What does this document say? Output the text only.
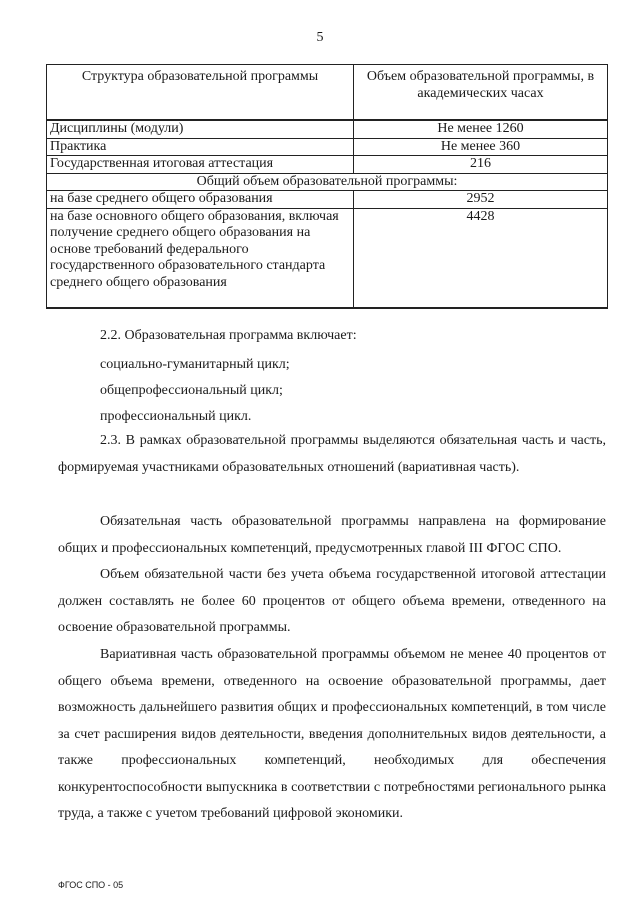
5
Структура образовательной программы	Объем образовательной программы, в академических часах
Дисциплины (модули)	Не менее 1260
Практика	Не менее 360
Государственная итоговая аттестация	216
Общий объем образовательной программы:	
на базе среднего общего образования	2952
на базе основного общего образования, включая получение среднего общего образования на основе требований федерального государственного образовательного стандарта среднего общего образования	4428
2.2. Образовательная программа включает:
социально-гуманитарный цикл;
общепрофессиональный цикл;
профессиональный цикл.
2.3. В рамках образовательной программы выделяются обязательная часть и часть, формируемая участниками образовательных отношений (вариативная часть).
Обязательная часть образовательной программы направлена на формирование общих и профессиональных компетенций, предусмотренных главой III ФГОС СПО.
Объем обязательной части без учета объема государственной итоговой аттестации должен составлять не более 60 процентов от общего объема времени, отведенного на освоение образовательной программы.
Вариативная часть образовательной программы объемом не менее 40 процентов от общего объема времени, отведенного на освоение образовательной программы, дает возможность дальнейшего развития общих и профессиональных компетенций, в том числе за счет расширения видов деятельности, введения дополнительных видов деятельности, а также профессиональных компетенций, необходимых для обеспечения конкурентоспособности выпускника в соответствии с потребностями регионального рынка труда, а также с учетом требований цифровой экономики.
ФГОС СПО - 05
